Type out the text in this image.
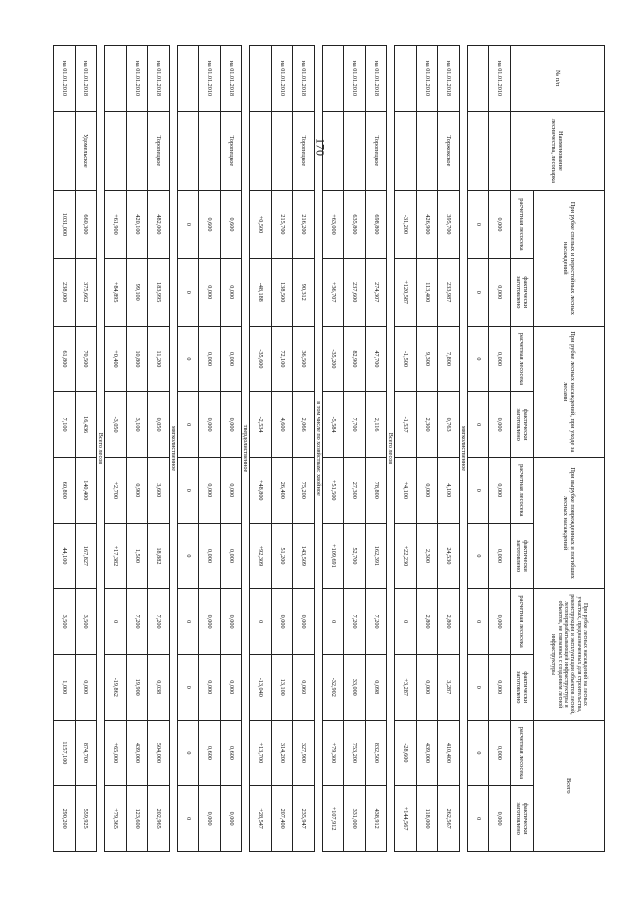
170
№ п/п	Наименование лесничества, лесопарка	При рубке спелых и перестойных лесных насаждений		При рубке лесных насаждений, при уходе за лесами		При вырубке поврежденных и погибших лесных насаждений		При рубке лесных насаждений на лесных участках, предназначенных для строительства, реконструкции и эксплуатации объектов лесной, лесоперерабатывающей инфраструктуры и объектов, не связанных с созданием лесной инфраструктуры		Всего	
		расчетная лесосека	фактически заготовлено	расчетная лесосека	фактически заготовлено	расчетная лесосека	фактически заготовлено	расчетная лесосека	фактически заготовлено	расчетная лесосека	фактически заготовлено
на 01.01.2010		0,000	0,000	0,000	0,000	0,000	0,000	0,000	0,000	0,000	0,000
		0	0	0	0	0	0	0	0	0	0
мягколиственное											
на 01.01.2018	Торжокское	395,700	233,987	7,800	0,763	4,100	24,530	2,800	3,287	410,400	262,567
на 01.01.2010		426,900	113,400	9,300	2,300	0,000	2,300	2,800	0,000	439,000	118,000
		-31,200	+120,587	-1,500	-1,537	+4,100	+22,230	0	+3,287	-28,600	+144,567
Всего лесов											
на 01.01.2018	Торопецкое	698,800	274,307	47,700	2,116	78,800	162,391	7,200	0,098	832,500	438,912
на 01.01.2010		635,800	237,600	82,900	7,700	27,300	52,700	7,200	33,000	753,200	331,000
		+63,000	+36,707	-35,200	-5,584	+51,500	+109,691	0	-32,902	+79,300	+107,912
в том числе по хозяйствам: хвойное											
на 01.01.2018	Торопецкое	216,200	90,312	36,500	2,066	75,200	143,509	0,000	0,060	327,900	235,947
на 01.01.2010		215,700	138,500	72,100	4,600	26,400	51,200	0,000	13,100	314,200	207,400
		+0,500	-48,188	-35,600	-2,534	+48,800	+92,309	0	-13,040	+13,700	+28,547
твердолиственное											
на 01.01.2018	Торопецкое	0,600	0,000	0,000	0,000	0,000	0,000	0,000	0,000	0,600	0,000
на 01.01.2010		0,600	0,000	0,000	0,000	0,000	0,000	0,000	0,000	0,600	0,000
		0	0	0	0	0	0	0	0	0	0
мягколиственное											
на 01.01.2018	Торопецкое	482,000	183,995	11,200	0,050	3,600	18,882	7,200	0,038	504,000	202,965
на 01.01.2010		420,100	99,100	10,800	3,100	0,900	1,500	7,200	19,900	439,000	123,600
		+61,900	+84,895	+0,400	-3,050	+2,700	+17,382	0	-19,862	+65,000	+79,365
Всего лесов											
на 01.01.2018	Удомельское	660,300	375,662	70,500	16,436	140,400	167,827	3,500	0,000	874,700	559,925
на 01.01.2010		1031,000	238,000	61,800	7,100	60,800	44,100	3,500	1,000	1157,100	290,200
